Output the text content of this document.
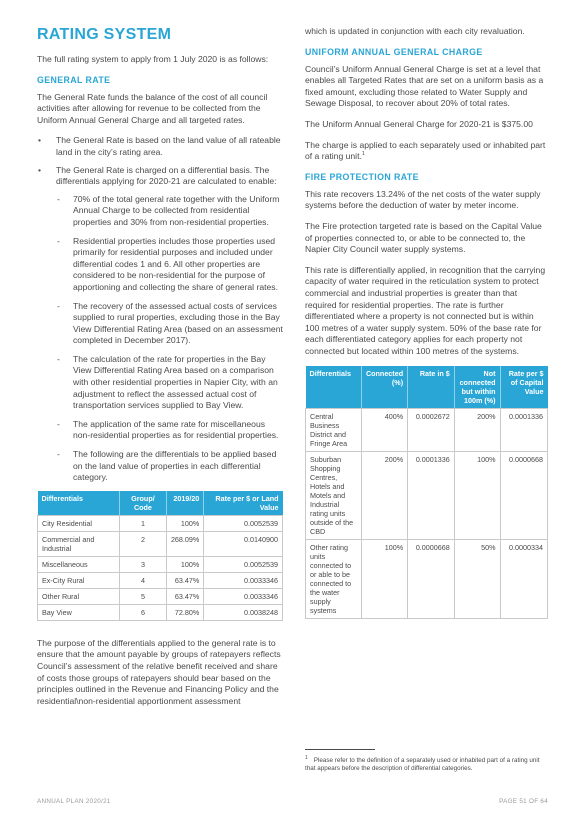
RATING SYSTEM

The full rating system to apply from 1 July 2020 is as follows:

GENERAL RATE

The General Rate funds the balance of the cost of all council activities after allowing for revenue to be collected from the Uniform Annual General Charge and all targeted rates.

• The General Rate is based on the land value of all rateable land in the city’s rating area.
• The General Rate is charged on a differential basis. The differentials applying for 2020-21 are calculated to enable:
- 70% of the total general rate together with the Uniform Annual Charge to be collected from residential properties and 30% from non-residential properties.
- Residential properties includes those properties used primarily for residential purposes and included under differential codes 1 and 6. All other properties are considered to be non-residential for the purpose of apportioning and collecting the share of general rates.
- The recovery of the assessed actual costs of services supplied to rural properties, excluding those in the Bay View Differential Rating Area (based on an assessment completed in December 2017).
- The calculation of the rate for properties in the Bay View Differential Rating Area based on a comparison with other residential properties in Napier City, with an adjustment to reflect the assessed actual cost of transportation services supplied to Bay View.
- The application of the same rate for miscellaneous non-residential properties as for residential properties.
- The following are the differentials to be applied based on the land value of properties in each differential category.
Differentials	Group/ Code	2019/20	Rate per $ or Land Value
City Residential	1	100%	0.0052539
Commercial and Industrial	2	268.09%	0.0140900
Miscellaneous	3	100%	0.0052539
Ex-City Rural	4	63.47%	0.0033346
Other Rural	5	63.47%	0.0033346
Bay View	6	72.80%	0.0038248

The purpose of the differentials applied to the general rate is to ensure that the amount payable by groups of ratepayers reflects Council’s assessment of the relative benefit received and share of costs those groups of ratepayers should bear based on the principles outlined in the Revenue and Financing Policy and the residential\non-residential apportionment assessment

which is updated in conjunction with each city revaluation.

UNIFORM ANNUAL GENERAL CHARGE

Council’s Uniform Annual General Charge is set at a level that enables all Targeted Rates that are set on a uniform basis as a fixed amount, excluding those related to Water Supply and Sewage Disposal, to recover about 20% of total rates.

The Uniform Annual General Charge for 2020-21 is $375.00

The charge is applied to each separately used or inhabited part of a rating unit.$^1$

FIRE PROTECTION RATE

This rate recovers 13.24% of the net costs of the water supply systems before the deduction of water by meter income.

The Fire protection targeted rate is based on the Capital Value of properties connected to, or able to be connected to, the Napier City Council water supply systems.

This rate is differentially applied, in recognition that the carrying capacity of water required in the reticulation system to protect commercial and industrial properties is greater than that required for residential properties. The rate is further differentiated where a property is not connected but is within 100 metres of a water supply system. 50% of the base rate for each differentiated category applies for each property not connected but located within 100 metres of the systems.

Differentials	Connected (%)	Rate in $	Not connected but within 100m (%)	Rate per $ of Capital Value
Central Business District and Fringe Area	400%	0.0002672	200%	0.0001336
Suburban Shopping Centres, Hotels and Motels and Industrial rating units outside of the CBD	200%	0.0001336	100%	0.0000668
Other rating units connected to or able to be connected to the water supply systems	100%	0.0000668	50%	0.0000334
$^1$ Please refer to the definition of a separately used or inhabited part of a rating unit that appears before the description of differential categories.
ANNUAL PLAN 2020/21	PAGE 51 OF 64
